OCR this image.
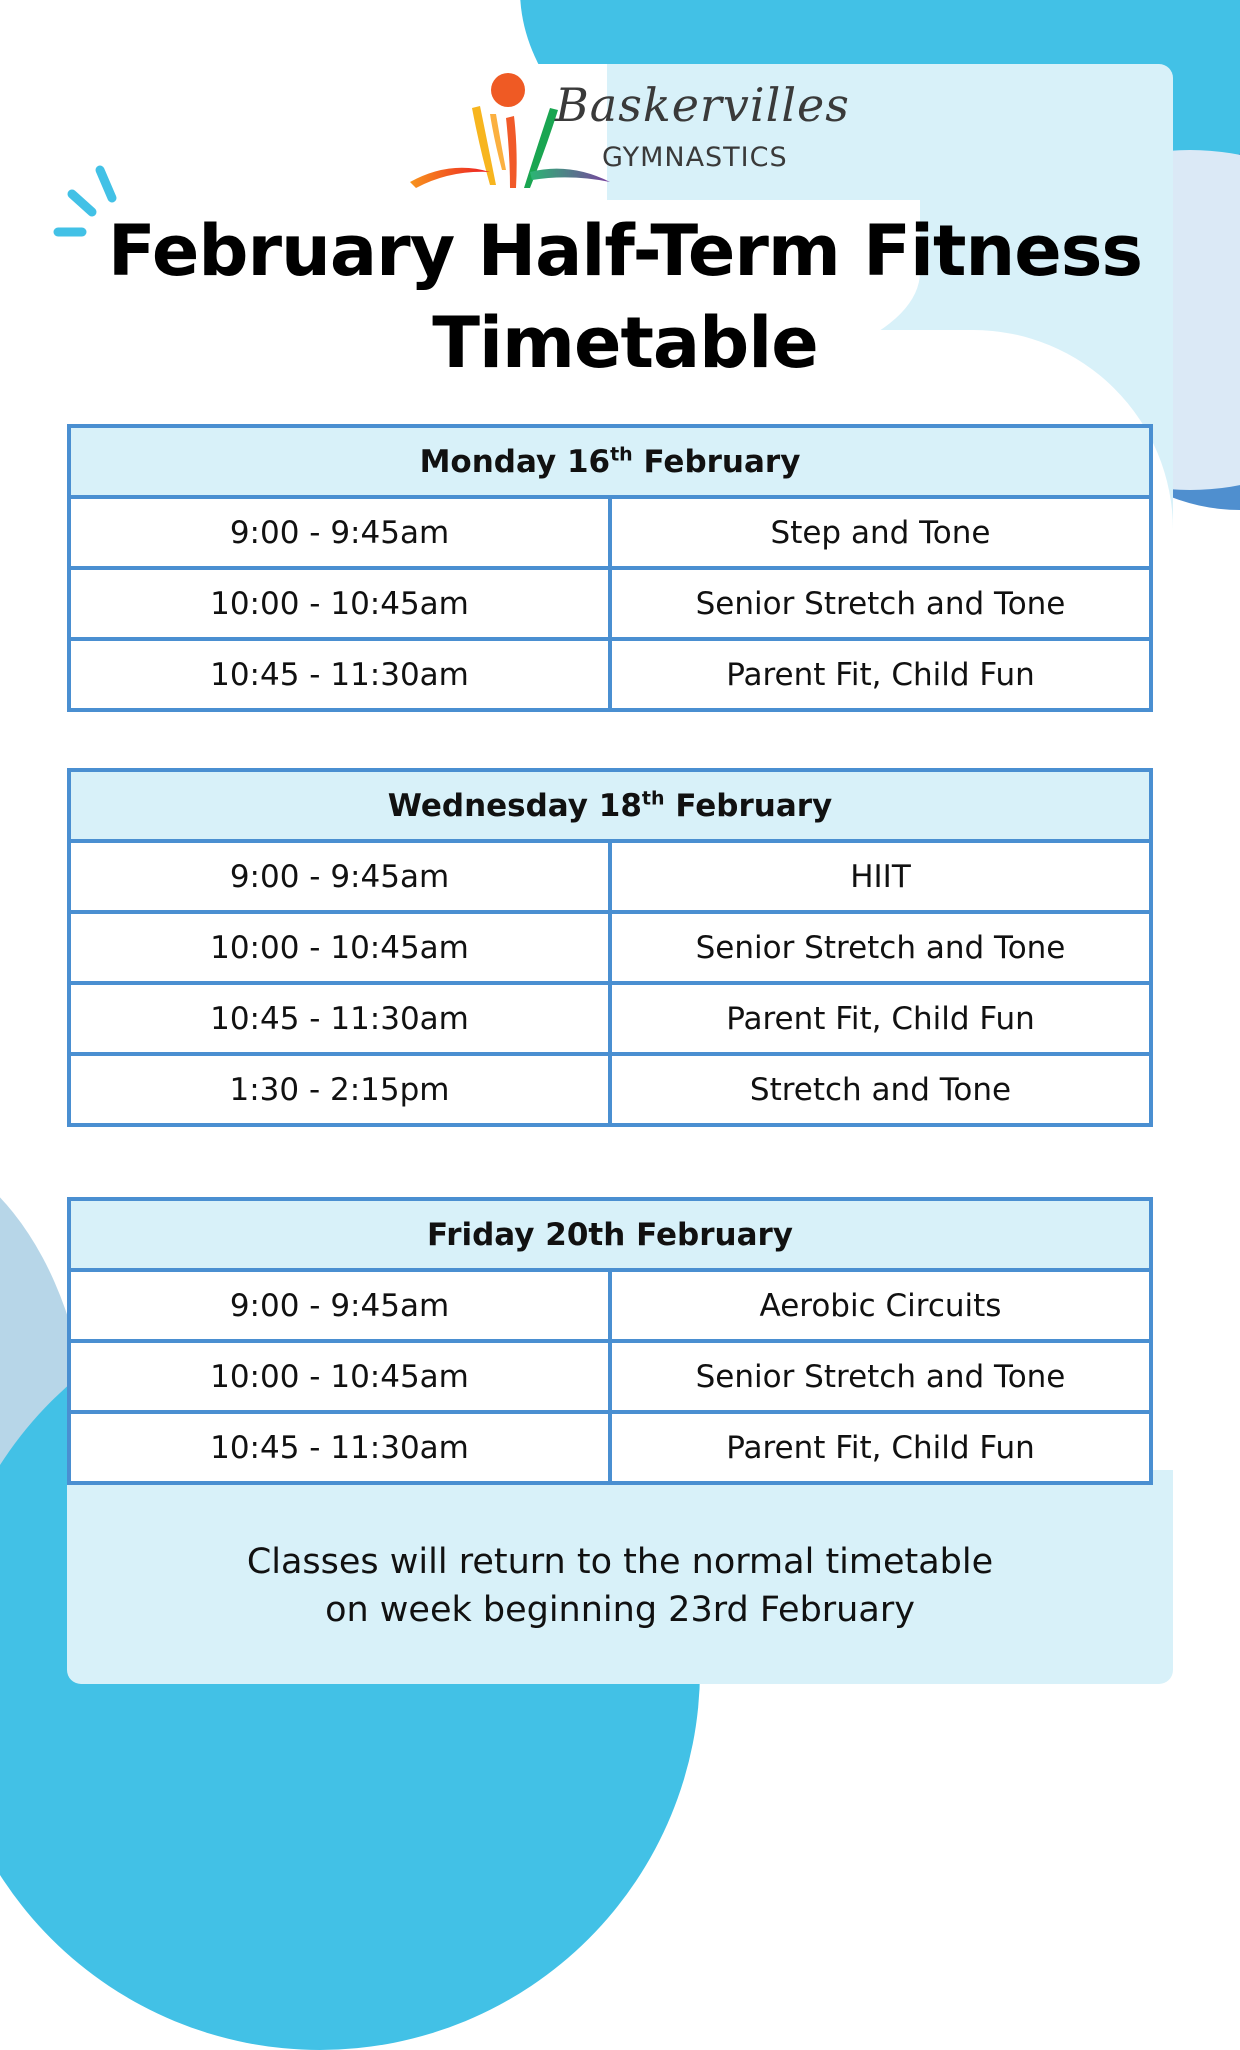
Baskervilles
GYMNASTICS
February Half-Term Fitness
Timetable
Monday 16th February	
9:00 - 9:45am	Step and Tone
10:00 - 10:45am	Senior Stretch and Tone
10:45 - 11:30am	Parent Fit, Child Fun
Wednesday 18th February	
9:00 - 9:45am	HIIT
10:00 - 10:45am	Senior Stretch and Tone
10:45 - 11:30am	Parent Fit, Child Fun
1:30 - 2:15pm	Stretch and Tone
Friday 20th February	
9:00 - 9:45am	Aerobic Circuits
10:00 - 10:45am	Senior Stretch and Tone
10:45 - 11:30am	Parent Fit, Child Fun
Classes will return to the normal timetable
on week beginning 23rd February
